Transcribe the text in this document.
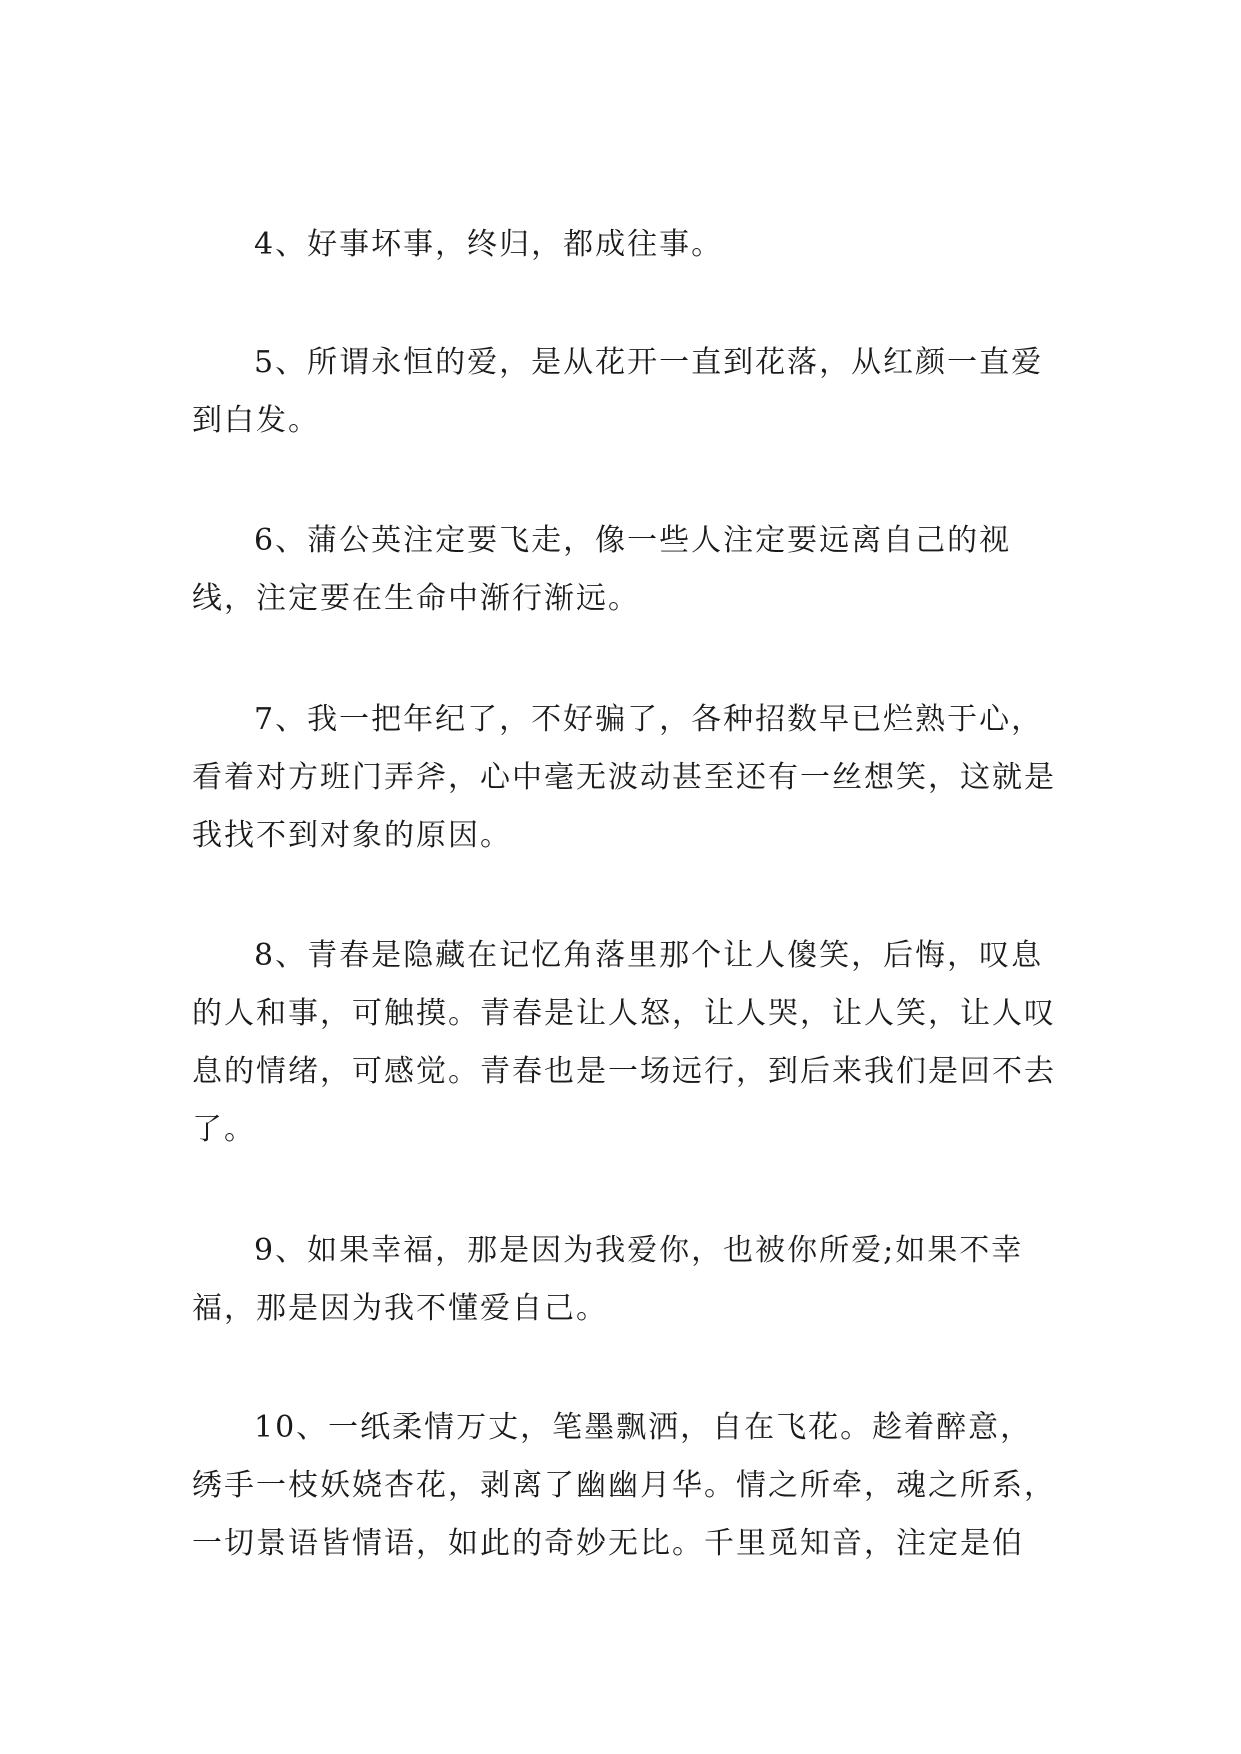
4、好事坏事，终归，都成往事。

5、所谓永恒的爱，是从花开一直到花落，从红颜一直爱到白发。

6、蒲公英注定要飞走，像一些人注定要远离自己的视线，注定要在生命中渐行渐远。

7、我一把年纪了，不好骗了，各种招数早已烂熟于心，看着对方班门弄斧，心中毫无波动甚至还有一丝想笑，这就是我找不到对象的原因。

8、青春是隐藏在记忆角落里那个让人傻笑，后悔，叹息的人和事，可触摸。青春是让人怒，让人哭，让人笑，让人叹息的情绪，可感觉。青春也是一场远行，到后来我们是回不去了。

9、如果幸福，那是因为我爱你，也被你所爱;如果不幸福，那是因为我不懂爱自己。

10、一纸柔情万丈，笔墨飘洒，自在飞花。趁着醉意，绣手一枝妖娆杏花，剥离了幽幽月华。情之所牵，魂之所系，一切景语皆情语，如此的奇妙无比。千里觅知音，注定是伯
